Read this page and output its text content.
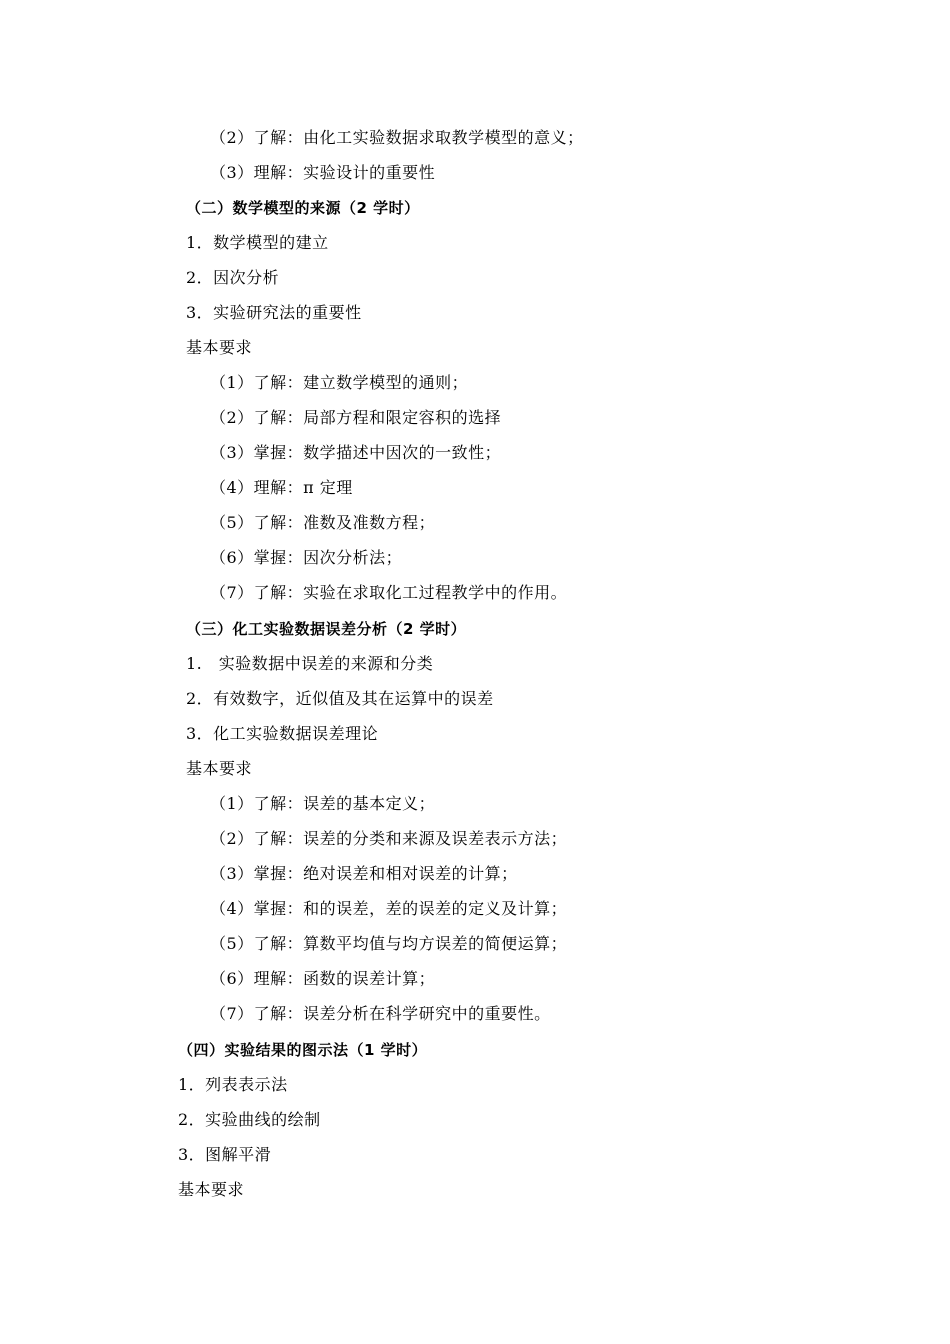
（2）了解：由化工实验数据求取教学模型的意义；
（3）理解：实验设计的重要性
（二）数学模型的来源（2 学时）
1．数学模型的建立
2．因次分析
3．实验研究法的重要性
基本要求
（1）了解：建立数学模型的通则；
（2）了解：局部方程和限定容积的选择
（3）掌握：数学描述中因次的一致性；
（4）理解：π 定理
（5）了解：准数及准数方程；
（6）掌握：因次分析法；
（7）了解：实验在求取化工过程教学中的作用。
（三）化工实验数据误差分析（2 学时）
1.　实验数据中误差的来源和分类
2．有效数字，近似值及其在运算中的误差
3．化工实验数据误差理论
基本要求
（1）了解：误差的基本定义；
（2）了解：误差的分类和来源及误差表示方法；
（3）掌握：绝对误差和相对误差的计算；
（4）掌握：和的误差，差的误差的定义及计算；
（5）了解：算数平均值与均方误差的简便运算；
（6）理解：函数的误差计算；
（7）了解：误差分析在科学研究中的重要性。
（四）实验结果的图示法（1 学时）
1．列表表示法
2．实验曲线的绘制
3．图解平滑
基本要求
